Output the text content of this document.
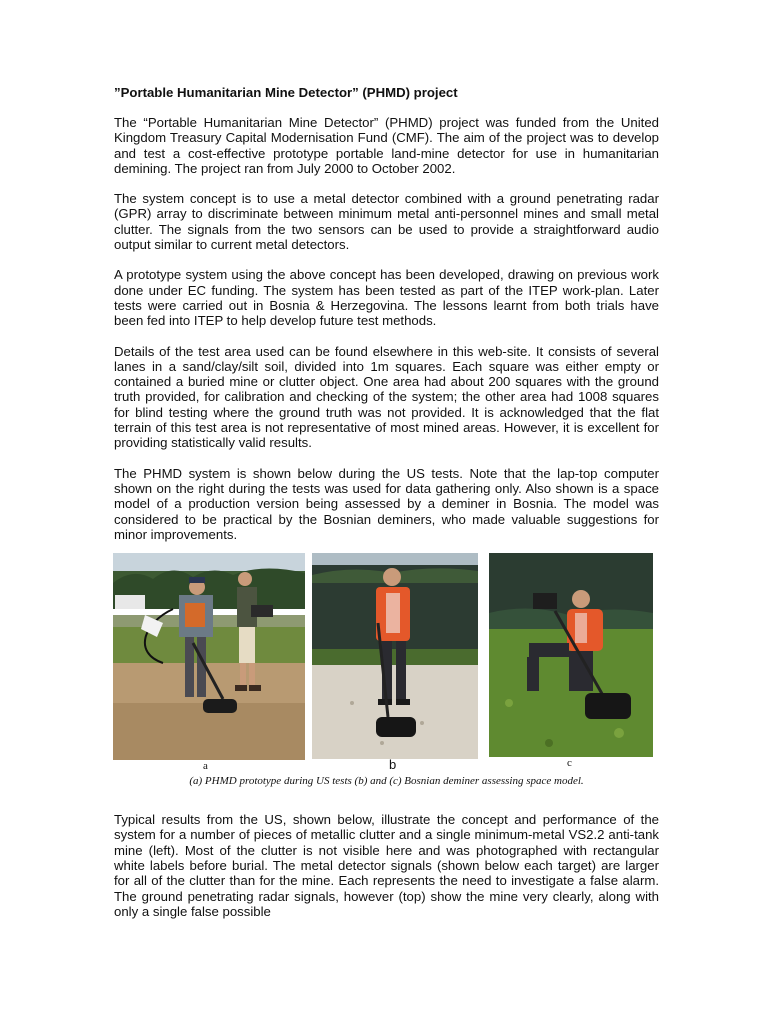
”Portable Humanitarian Mine Detector” (PHMD) project

The “Portable Humanitarian Mine Detector” (PHMD) project was funded from the United Kingdom Treasury Capital Modernisation Fund (CMF). The aim of the project was to develop and test a cost-effective prototype portable land-mine detector for use in humanitarian demining. The project ran from July 2000 to October 2002.

The system concept is to use a metal detector combined with a ground penetrating radar (GPR) array to discriminate between minimum metal anti-personnel mines and small metal clutter. The signals from the two sensors can be used to provide a straightforward audio output similar to current metal detectors.

A prototype system using the above concept has been developed, drawing on previous work done under EC funding. The system has been tested as part of the ITEP work-plan. Later tests were carried out in Bosnia & Herzegovina. The lessons learnt from both trials have been fed into ITEP to help develop future test methods.

Details of the test area used can be found elsewhere in this web-site. It consists of several lanes in a sand/clay/silt soil, divided into 1m squares. Each square was either empty or contained a buried mine or clutter object. One area had about 200 squares with the ground truth provided, for calibration and checking of the system; the other area had 1008 squares for blind testing where the ground truth was not provided. It is acknowledged that the flat terrain of this test area is not representative of most mined areas. However, it is excellent for providing statistically valid results.

The PHMD system is shown below during the US tests. Note that the lap-top computer shown on the right during the tests was used for data gathering only. Also shown is a space model of a production version being assessed by a deminer in Bosnia. The model was considered to be practical by the Bosnian deminers, who made valuable suggestions for minor improvements.

a	b	c
(a) PHMD prototype during US tests (b) and (c) Bosnian deminer assessing space model.

Typical results from the US, shown below, illustrate the concept and performance of the system for a number of pieces of metallic clutter and a single minimum-metal VS2.2 anti-tank mine (left). Most of the clutter is not visible here and was photographed with rectangular white labels before burial. The metal detector signals (shown below each target) are larger for all of the clutter than for the mine. Each represents the need to investigate a false alarm. The ground penetrating radar signals, however (top) show the mine very clearly, along with only a single false possible
